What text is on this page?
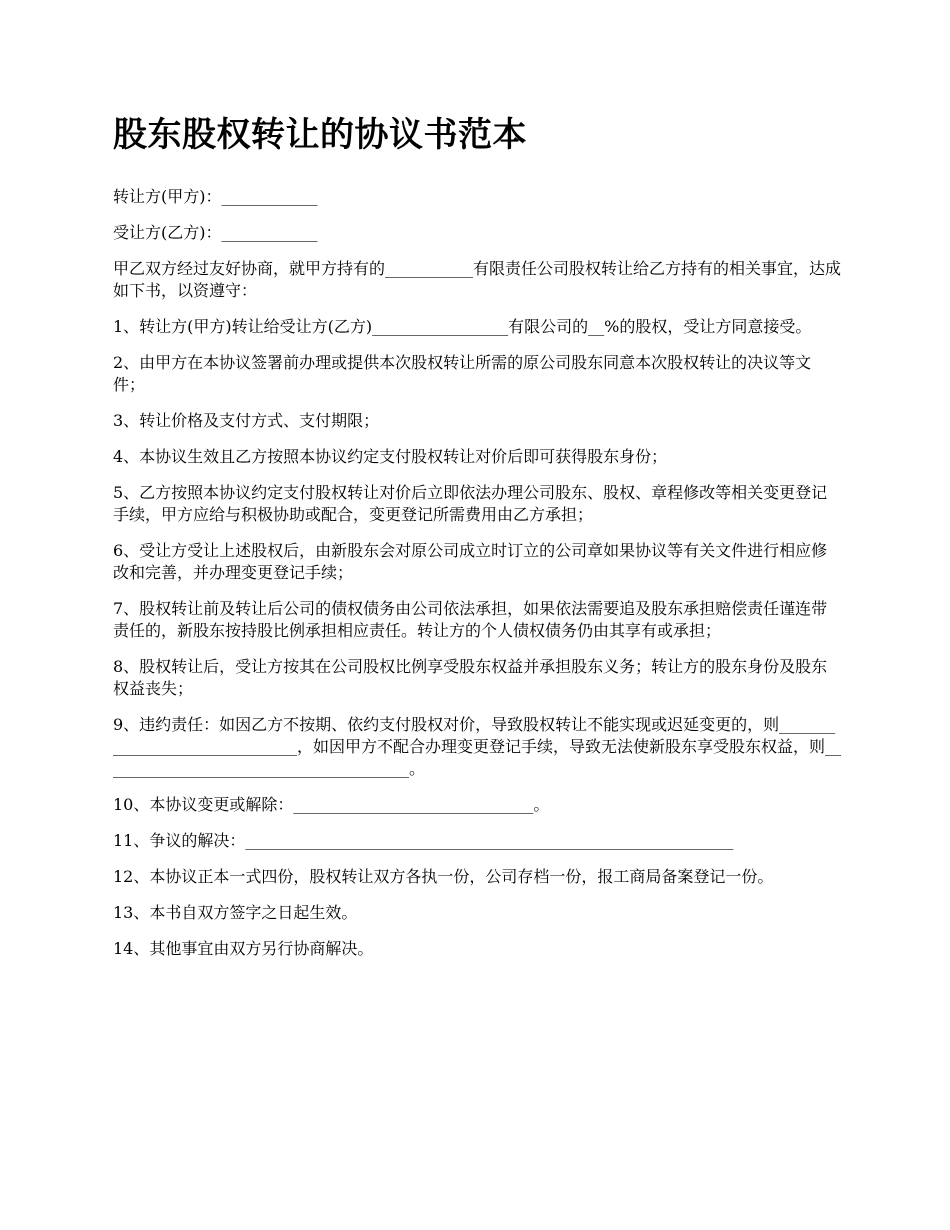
股东股权转让的协议书范本

转让方(甲方)：____________

受让方(乙方)：____________

甲乙双方经过友好协商，就甲方持有的___________有限责任公司股权转让给乙方持有的相关事宜，达成如下书，以资遵守：

1、转让方(甲方)转让给受让方(乙方)_________________有限公司的__%的股权，受让方同意接受。

2、由甲方在本协议签署前办理或提供本次股权转让所需的原公司股东同意本次股权转让的决议等文件；

3、转让价格及支付方式、支付期限；

4、本协议生效且乙方按照本协议约定支付股权转让对价后即可获得股东身份；

5、乙方按照本协议约定支付股权转让对价后立即依法办理公司股东、股权、章程修改等相关变更登记手续，甲方应给与积极协助或配合，变更登记所需费用由乙方承担；

6、受让方受让上述股权后，由新股东会对原公司成立时订立的公司章如果协议等有关文件进行相应修改和完善，并办理变更登记手续；

7、股权转让前及转让后公司的债权债务由公司依法承担，如果依法需要追及股东承担赔偿责任谨连带责任的，新股东按持股比例承担相应责任。转让方的个人债权债务仍由其享有或承担；

8、股权转让后，受让方按其在公司股权比例享受股东权益并承担股东义务；转让方的股东身份及股东权益丧失；

9、违约责任：如因乙方不按期、依约支付股权对价，导致股权转让不能实现或迟延变更的，则______________________________，如因甲方不配合办理变更登记手续，导致无法使新股东享受股东权益，则_______________________________________。

10、本协议变更或解除：______________________________。

11、争议的解决：_____________________________________________________________

12、本协议正本一式四份，股权转让双方各执一份，公司存档一份，报工商局备案登记一份。

13、本书自双方签字之日起生效。

14、其他事宜由双方另行协商解决。
